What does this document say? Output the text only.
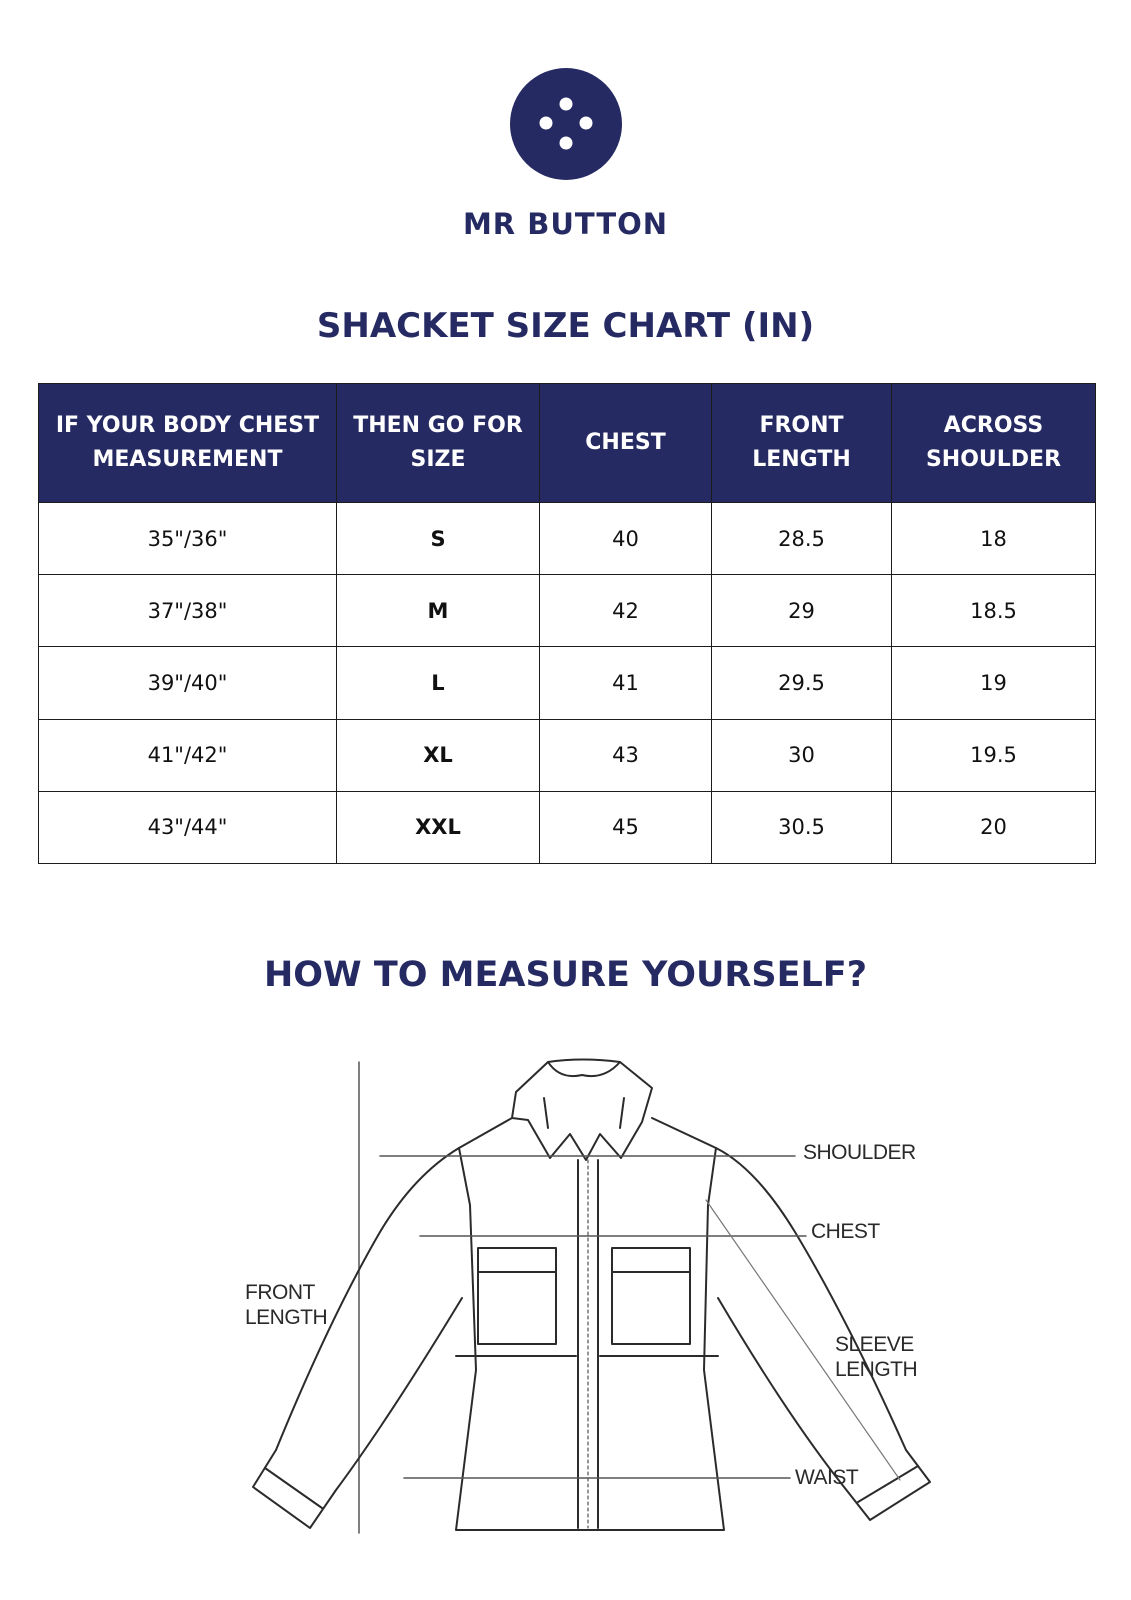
MR BUTTON
SHACKET SIZE CHART (IN)
IF YOUR BODY CHEST MEASUREMENT	THEN GO FOR SIZE	CHEST	FRONT LENGTH	ACROSS SHOULDER
35"/36"	S	40	28.5	18
37"/38"	M	42	29	18.5
39"/40"	L	41	29.5	19
41"/42"	XL	43	30	19.5
43"/44"	XXL	45	30.5	20
HOW TO MEASURE YOURSELF?
SHOULDER
CHEST
SLEEVE LENGTH
WAIST
FRONT LENGTH
